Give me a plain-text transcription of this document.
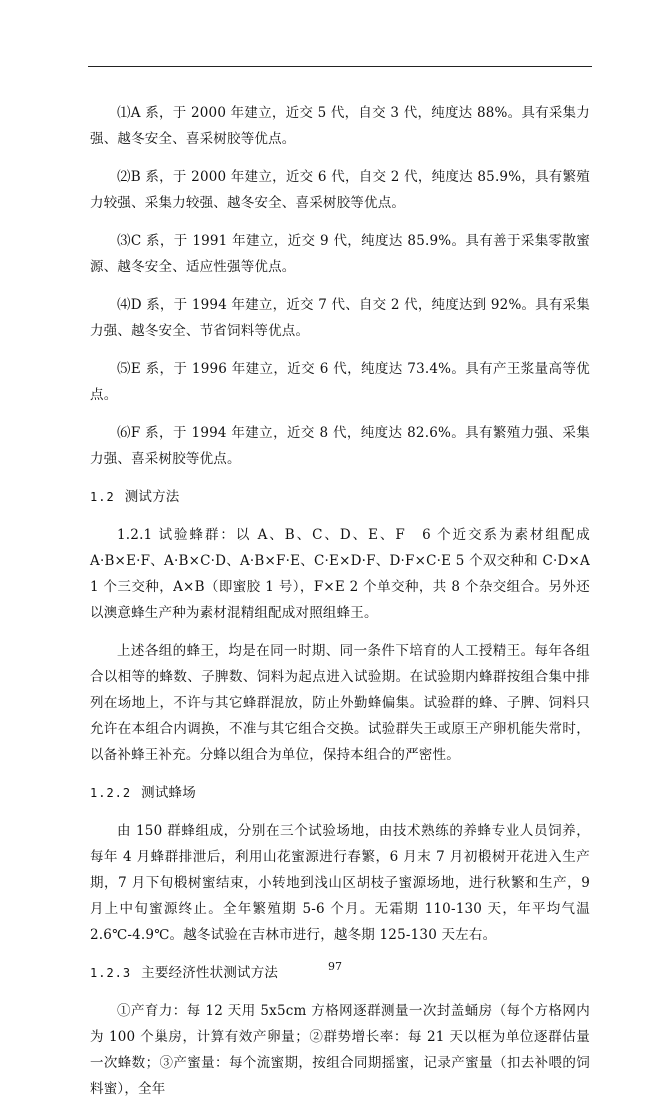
⑴A 系，于 2000 年建立，近交 5 代，自交 3 代，纯度达 88%。具有采集力强、越冬安全、喜采树胶等优点。

⑵B 系，于 2000 年建立，近交 6 代，自交 2 代，纯度达 85.9%，具有繁殖力较强、采集力较强、越冬安全、喜采树胶等优点。

⑶C 系，于 1991 年建立，近交 9 代，纯度达 85.9%。具有善于采集零散蜜源、越冬安全、适应性强等优点。

⑷D 系，于 1994 年建立，近交 7 代、自交 2 代，纯度达到 92%。具有采集力强、越冬安全、节省饲料等优点。

⑸E 系，于 1996 年建立，近交 6 代，纯度达 73.4%。具有产王浆量高等优点。

⑹F 系，于 1994 年建立，近交 8 代，纯度达 82.6%。具有繁殖力强、采集力强、喜采树胶等优点。

1.2 测试方法

1.2.1 试验蜂群：以 A、B、C、D、E、F　6 个近交系为素材组配成 A·B×E·F、A·B×C·D、A·B×F·E、C·E×D·F、D·F×C·E 5 个双交种和 C·D×A 1 个三交种，A×B（即蜜胶 1 号），F×E 2 个单交种，共 8 个杂交组合。另外还以澳意蜂生产种为素材混精组配成对照组蜂王。

上述各组的蜂王，均是在同一时期、同一条件下培育的人工授精王。每年各组合以相等的蜂数、子脾数、饲料为起点进入试验期。在试验期内蜂群按组合集中排列在场地上，不许与其它蜂群混放，防止外勤蜂偏集。试验群的蜂、子脾、饲料只允许在本组合内调换，不准与其它组合交换。试验群失王或原王产卵机能失常时，以备补蜂王补充。分蜂以组合为单位，保持本组合的严密性。

1.2.2 测试蜂场

由 150 群蜂组成，分别在三个试验场地，由技术熟练的养蜂专业人员饲养，每年 4 月蜂群排泄后，利用山花蜜源进行春繁，6 月末 7 月初椴树开花进入生产期，7 月下旬椴树蜜结束，小转地到浅山区胡枝子蜜源场地，进行秋繁和生产，9 月上中旬蜜源终止。全年繁殖期 5-6 个月。无霜期 110-130 天，年平均气温 2.6℃-4.9℃。越冬试验在吉林市进行，越冬期 125-130 天左右。

1.2.3 主要经济性状测试方法

①产育力：每 12 天用 5x5cm 方格网逐群测量一次封盖蛹房（每个方格网内为 100 个巢房，计算有效产卵量；②群势增长率：每 21 天以框为单位逐群估量一次蜂数；③产蜜量：每个流蜜期，按组合同期摇蜜，记录产蜜量（扣去补喂的饲料蜜），全年

97
